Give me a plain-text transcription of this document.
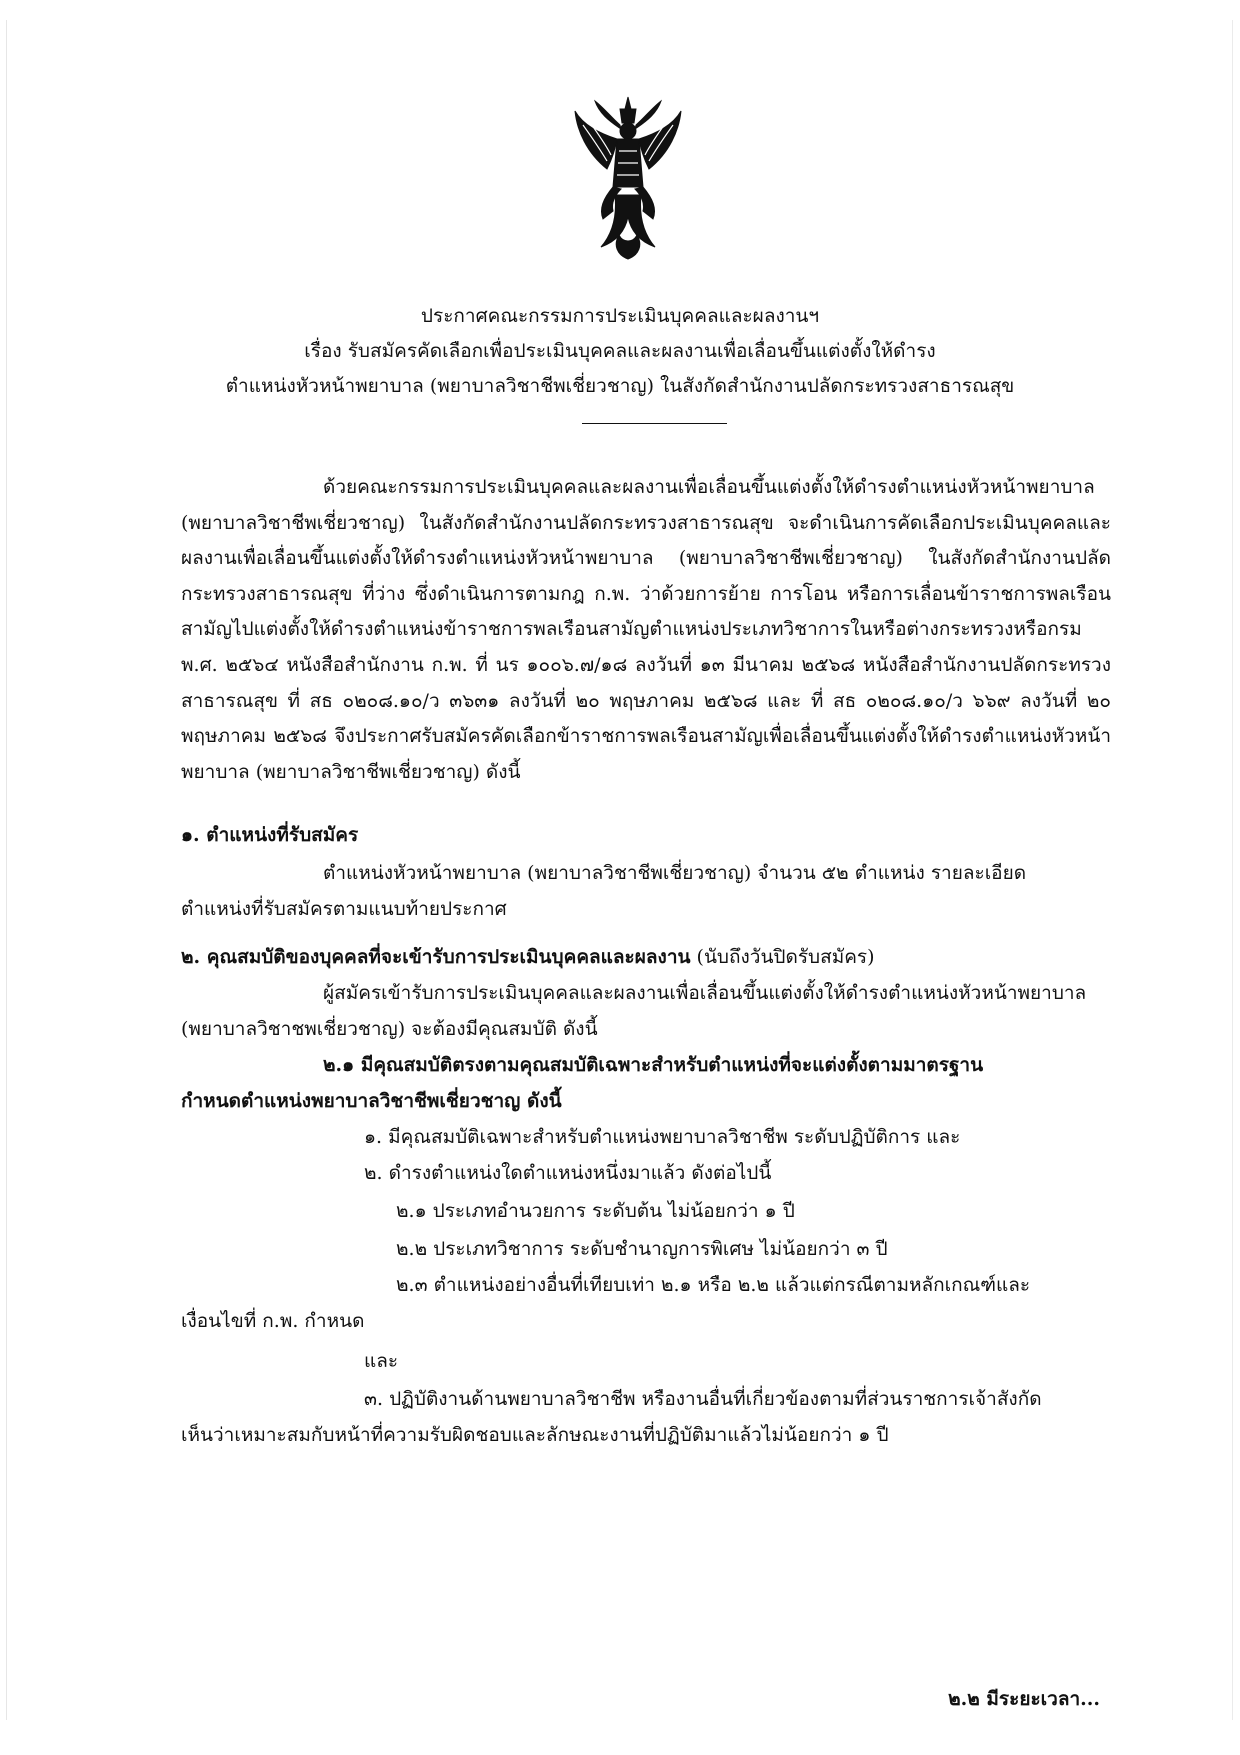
ประกาศคณะกรรมการประเมินบุคคลและผลงานฯ
เรื่อง รับสมัครคัดเลือกเพื่อประเมินบุคคลและผลงานเพื่อเลื่อนขึ้นแต่งตั้งให้ดำรง
ตำแหน่งหัวหน้าพยาบาล (พยาบาลวิชาชีพเชี่ยวชาญ) ในสังกัดสำนักงานปลัดกระทรวงสาธารณสุข
ด้วยคณะกรรมการประเมินบุคคลและผลงานเพื่อเลื่อนขึ้นแต่งตั้งให้ดำรงตำแหน่งหัวหน้าพยาบาล (พยาบาลวิชาชีพเชี่ยวชาญ) ในสังกัดสำนักงานปลัดกระทรวงสาธารณสุข จะดำเนินการคัดเลือกประเมินบุคคลและผลงานเพื่อเลื่อนขึ้นแต่งตั้งให้ดำรงตำแหน่งหัวหน้าพยาบาล (พยาบาลวิชาชีพเชี่ยวชาญ) ในสังกัดสำนักงานปลัดกระทรวงสาธารณสุข ที่ว่าง ซึ่งดำเนินการตามกฎ ก.พ. ว่าด้วยการย้าย การโอน หรือการเลื่อนข้าราชการพลเรือนสามัญไปแต่งตั้งให้ดำรงตำแหน่งข้าราชการพลเรือนสามัญตำแหน่งประเภทวิชาการในหรือต่างกระทรวงหรือกรม พ.ศ. ๒๕๖๔ หนังสือสำนักงาน ก.พ. ที่ นร ๑๐๐๖.๗/๑๘ ลงวันที่ ๑๓ มีนาคม ๒๕๖๘ หนังสือสำนักงานปลัดกระทรวงสาธารณสุข ที่ สธ ๐๒๐๘.๑๐/ว ๓๖๓๑ ลงวันที่ ๒๐ พฤษภาคม ๒๕๖๘ และ ที่ สธ ๐๒๐๘.๑๐/ว ๖๖๙ ลงวันที่ ๒๐ พฤษภาคม ๒๕๖๘ จึงประกาศรับสมัครคัดเลือกข้าราชการพลเรือนสามัญเพื่อเลื่อนขึ้นแต่งตั้งให้ดำรงตำแหน่งหัวหน้าพยาบาล (พยาบาลวิชาชีพเชี่ยวชาญ) ดังนี้
๑. ตำแหน่งที่รับสมัคร
ตำแหน่งหัวหน้าพยาบาล (พยาบาลวิชาชีพเชี่ยวชาญ) จำนวน ๕๒ ตำแหน่ง รายละเอียด
ตำแหน่งที่รับสมัครตามแนบท้ายประกาศ
๒. คุณสมบัติของบุคคลที่จะเข้ารับการประเมินบุคคลและผลงาน (นับถึงวันปิดรับสมัคร)
ผู้สมัครเข้ารับการประเมินบุคคลและผลงานเพื่อเลื่อนขึ้นแต่งตั้งให้ดำรงตำแหน่งหัวหน้าพยาบาล
(พยาบาลวิชาชพเชี่ยวชาญ) จะต้องมีคุณสมบัติ ดังนี้
๒.๑ มีคุณสมบัติตรงตามคุณสมบัติเฉพาะสำหรับตำแหน่งที่จะแต่งตั้งตามมาตรฐาน
กำหนดตำแหน่งพยาบาลวิชาชีพเชี่ยวชาญ ดังนี้
๑. มีคุณสมบัติเฉพาะสำหรับตำแหน่งพยาบาลวิชาชีพ ระดับปฏิบัติการ และ
๒. ดำรงตำแหน่งใดตำแหน่งหนึ่งมาแล้ว ดังต่อไปนี้
๒.๑ ประเภทอำนวยการ ระดับต้น ไม่น้อยกว่า ๑ ปี
๒.๒ ประเภทวิชาการ ระดับชำนาญการพิเศษ ไม่น้อยกว่า ๓ ปี
๒.๓ ตำแหน่งอย่างอื่นที่เทียบเท่า ๒.๑ หรือ ๒.๒ แล้วแต่กรณีตามหลักเกณฑ์และ
เงื่อนไขที่ ก.พ. กำหนด
และ
๓. ปฏิบัติงานด้านพยาบาลวิชาชีพ หรืองานอื่นที่เกี่ยวข้องตามที่ส่วนราชการเจ้าสังกัด
เห็นว่าเหมาะสมกับหน้าที่ความรับผิดชอบและลักษณะงานที่ปฏิบัติมาแล้วไม่น้อยกว่า ๑ ปี
๒.๒ มีระยะเวลา...
